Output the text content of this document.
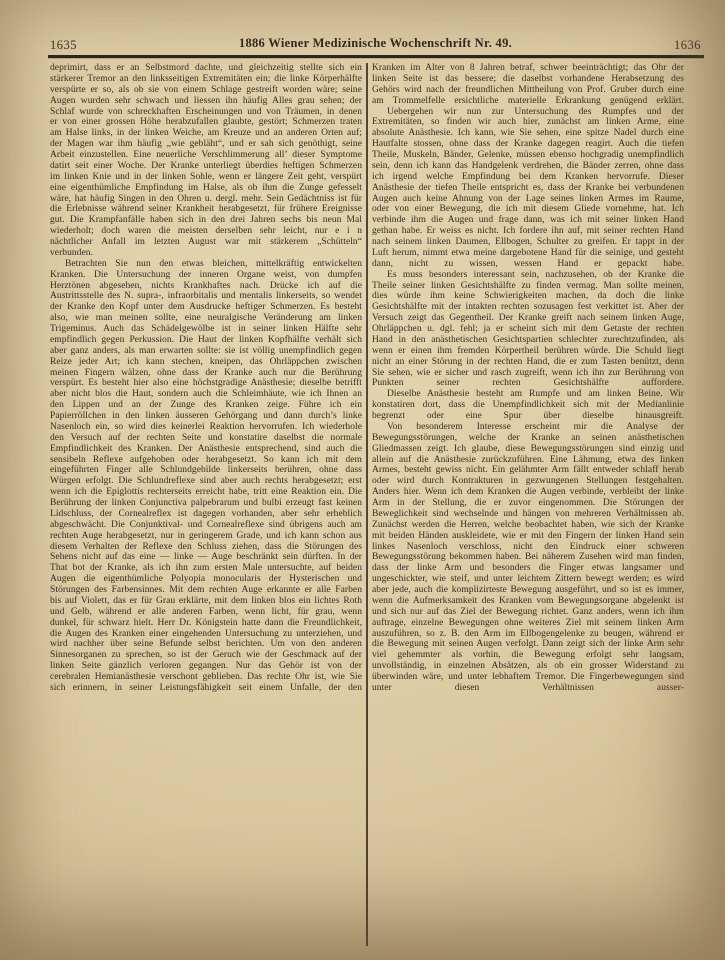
1635	1886 Wiener Medizinische Wochenschrift Nr. 49.	1636

deprimirt, dass er an Selbstmord dachte, und gleichzeitig stellte sich ein stärkerer Tremor an den linksseitigen Extremitäten ein; die linke Körperhälfte verspürte er so, als ob sie von einem Schlage gestreift worden wäre; seine Augen wurden sehr schwach und liessen ihn häufig Alles grau sehen; der Schlaf wurde von schreckhaften Erscheinungen und von Träumen, in denen er von einer grossen Höhe herabzufallen glaubte, gestört; Schmerzen traten am Halse links, in der linken Weiche, am Kreuze und an anderen Orten auf; der Magen war ihm häufig „wie gebläht“, und er sah sich genöthigt, seine Arbeit einzustellen. Eine neuerliche Verschlimmerung all’ dieser Symptome datirt seit einer Woche. Der Kranke unterliegt überdies heftigen Schmerzen im linken Knie und in der linken Sohle, wenn er längere Zeit geht, verspürt eine eigenthümliche Empfindung im Halse, als ob ihm die Zunge gefesselt wäre, hat häufig Singen in den Ohren u. dergl. mehr. Sein Gedächtniss ist für die Erlebnisse während seiner Krankheit herabgesetzt, für frühere Ereignisse gut. Die Krampfanfälle haben sich in den drei Jahren sechs bis neun Mal wiederholt; doch waren die meisten derselben sehr leicht, nur e i n nächtlicher Anfall im letzten August war mit stärkerem „Schütteln“ verbunden.

Betrachten Sie nun den etwas bleichen, mittelkräftig entwickelten Kranken. Die Untersuchung der inneren Organe weist, von dumpfen Herztönen abgesehen, nichts Krankhaftes nach. Drücke ich auf die Austrittsstelle des N. supra-, infraorbitalis und mentalis linkerseits, so wendet der Kranke den Kopf unter dem Ausdrucke heftiger Schmerzen. Es besteht also, wie man meinen sollte, eine neuralgische Veränderung am linken Trigeminus. Auch das Schädelgewölbe ist in seiner linken Hälfte sehr empfindlich gegen Perkussion. Die Haut der linken Kopfhälfte verhält sich aber ganz anders, als man erwarten sollte: sie ist völlig unempfindlich gegen Reize jeder Art; ich kann stechen, kneipen, das Ohrläppchen zwischen meinen Fingern wälzen, ohne dass der Kranke auch nur die Berührung verspürt. Es besteht hier also eine höchstgradige Anästhesie; dieselbe betrifft aber nicht blos die Haut, sondern auch die Schleimhäute, wie ich Ihnen an den Lippen und an der Zunge des Kranken zeige. Führe ich ein Papierröllchen in den linken äusseren Gehörgang und dann durch’s linke Nasenloch ein, so wird dies keinerlei Reaktion hervorrufen. Ich wiederhole den Versuch auf der rechten Seite und konstatire daselbst die normale Empfindlichkeit des Kranken. Der Anästhesie entsprechend, sind auch die sensibeln Reflexe aufgehoben oder herabgesetzt. So kann ich mit dem eingeführten Finger alle Schlundgebilde linkerseits berühren, ohne dass Würgen erfolgt. Die Schlundreflexe sind aber auch rechts herabgesetzt; erst wenn ich die Epiglottis rechterseits erreicht habe, tritt eine Reaktion ein. Die Berührung der linken Conjunctiva palpebrarum und bulbi erzeugt fast keinen Lidschluss, der Cornealreflex ist dagegen vorhanden, aber sehr erheblich abgeschwächt. Die Conjunktival- und Cornealreflexe sind übrigens auch am rechten Auge herabgesetzt, nur in geringerem Grade, und ich kann schon aus diesem Verhalten der Reflexe den Schluss ziehen, dass die Störungen des Sehens nicht auf das eine — linke — Auge beschränkt sein dürften. In der That bot der Kranke, als ich ihn zum ersten Male untersuchte, auf beiden Augen die eigenthümliche Polyopia monocularis der Hysterischen und Störungen des Farbensinnes. Mit dem rechten Auge erkannte er alle Farben bis auf Violett, das er für Grau erklärte, mit dem linken blos ein lichtes Roth und Gelb, während er alle anderen Farben, wenn licht, für grau, wenn dunkel, für schwarz hielt. Herr Dr. Königstein hatte dann die Freundlichkeit, die Augen des Kranken einer eingehenden Untersuchung zu unterziehen, und wird nachher über seine Befunde selbst berichten. Um von den anderen Sinnesorganen zu sprechen, so ist der Geruch wie der Geschmack auf der linken Seite gänzlich verloren gegangen. Nur das Gehör ist von der cerebralen Hemianästhesie verschont geblieben. Das rechte Ohr ist, wie Sie sich erinnern, in seiner Leistungsfähigkeit seit einem Unfalle, der den

Kranken im Alter von 8 Jahren betraf, schwer beeinträchtigt; das Ohr der linken Seite ist das bessere; die daselbst vorhandene Herabsetzung des Gehörs wird nach der freundlichen Mittheilung von Prof. Gruber durch eine am Trommelfelle ersichtliche materielle Erkrankung genügend erklärt.

Uebergehen wir nun zur Untersuchung des Rumpfes und der Extremitäten, so finden wir auch hier, zunächst am linken Arme, eine absolute Anästhesie. Ich kann, wie Sie sehen, eine spitze Nadel durch eine Hautfalte stossen, ohne dass der Kranke dagegen reagirt. Auch die tiefen Theile, Muskeln, Bänder, Gelenke, müssen ebenso hochgradig unempfindlich sein, denn ich kann das Handgelenk verdrehen, die Bänder zerren, ohne dass ich irgend welche Empfindung bei dem Kranken hervorrufe. Dieser Anästhesie der tiefen Theile entspricht es, dass der Kranke bei verbundenen Augen auch keine Ahnung von der Lage seines linken Armes im Raume, oder von einer Bewegung, die ich mit diesem Gliede vornehme, hat. Ich verbinde ihm die Augen und frage dann, was ich mit seiner linken Hand gethan habe. Er weiss es nicht. Ich fordere ihn auf, mit seiner rechten Hand nach seinem linken Daumen, Ellbogen, Schulter zu greifen. Er tappt in der Luft herum, nimmt etwa meine dargebotene Hand für die seinige, und gesteht dann, nicht zu wissen, wessen Hand er gepackt habe.

Es muss besonders interessant sein, nachzusehen, ob der Kranke die Theile seiner linken Gesichtshälfte zu finden vermag. Man sollte meinen, dies würde ihm keine Schwierigkeiten machen, da doch die linke Gesichtshälfte mit der intakten rechten sozusagen fest verkittet ist. Aber der Versuch zeigt das Gegentheil. Der Kranke greift nach seinem linken Auge, Ohrläppchen u. dgl. fehl; ja er scheint sich mit dem Getaste der rechten Hand in den anästhetischen Gesichtspartien schlechter zurechtzufinden, als wenn er einen ihm fremden Körpertheil berühren würde. Die Schuld liegt nicht an einer Störung in der rechten Hand, die er zum Tasten benützt, denn Sie sehen, wie er sicher und rasch zugreift, wenn ich ihn zur Berührung von Punkten seiner rechten Gesichtshälfte auffordere.

Dieselbe Anästhesie besteht am Rumpfe und am linken Beine. Wir konstatiren dort, dass die Unempfindlichkeit sich mit der Medianlinie begrenzt oder eine Spur über dieselbe hinausgreift.

Von besonderem Interesse erscheint mir die Analyse der Bewegungsstörungen, welche der Kranke an seinen anästhetischen Gliedmassen zeigt. Ich glaube, diese Bewegungsstörungen sind einzig und allein auf die Anästhesie zurückzuführen. Eine Lähmung, etwa des linken Armes, besteht gewiss nicht. Ein gelähmter Arm fällt entweder schlaff herab oder wird durch Kontrakturen in gezwungenen Stellungen festgehalten. Anders hier. Wenn ich dem Kranken die Augen verbinde, verbleibt der linke Arm in der Stellung, die er zuvor eingenommen. Die Störungen der Beweglichkeit sind wechselnde und hängen von mehreren Verhältnissen ab. Zunächst werden die Herren, welche beobachtet haben, wie sich der Kranke mit beiden Händen auskleidete, wie er mit den Fingern der linken Hand sein linkes Nasenloch verschloss, nicht den Eindruck einer schweren Bewegungsstörung bekommen haben. Bei näherem Zusehen wird man finden, dass der linke Arm und besonders die Finger etwas langsamer und ungeschickter, wie steif, und unter leichtem Zittern bewegt werden; es wird aber jede, auch die komplizirteste Bewegung ausgeführt, und so ist es immer, wenn die Aufmerksamkeit des Kranken vom Bewegungsorgane abgelenkt ist und sich nur auf das Ziel der Bewegung richtet. Ganz anders, wenn ich ihm auftrage, einzelne Bewegungen ohne weiteres Ziel mit seinem linken Arm auszuführen, so z. B. den Arm im Ellbogengelenke zu beugen, während er die Bewegung mit seinen Augen verfolgt. Dann zeigt sich der linke Arm sehr viel gehemmter als vorhin, die Bewegung erfolgt sehr langsam, unvollständig, in einzelnen Absätzen, als ob ein grosser Widerstand zu überwinden wäre, und unter lebhaftem Tremor. Die Fingerbewegungen sind unter diesen Verhältnissen ausser-
